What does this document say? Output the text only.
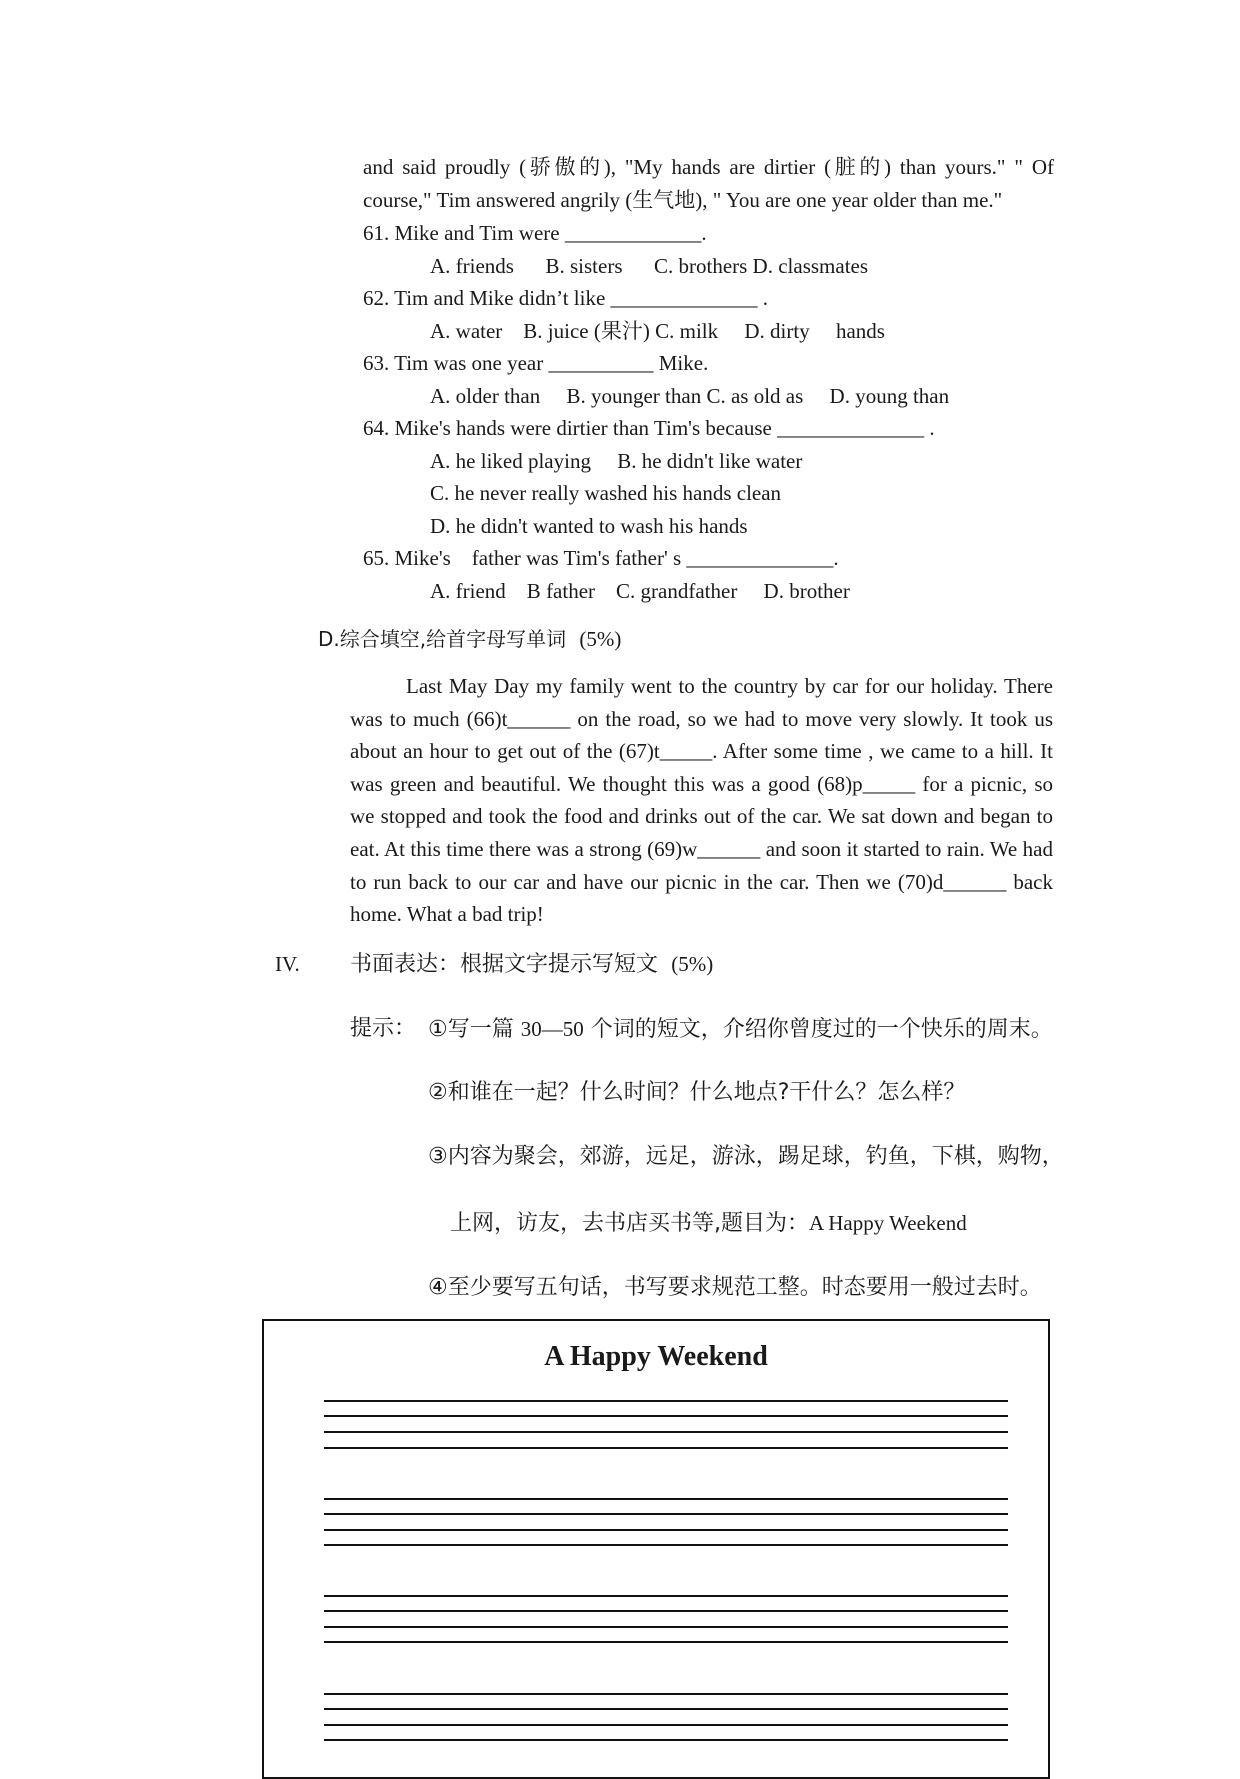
and said proudly (骄傲的), "My hands are dirtier (脏的) than yours." " Of
course," Tim answered angrily (生气地), " You are one year older than me."
61. Mike and Tim were _____________.
A. friends      B. sisters      C. brothers D. classmates
62. Tim and Mike didn’t like ______________ .
A. water    B. juice (果汁) C. milk     D. dirty     hands
63. Tim was one year __________ Mike.
A. older than     B. younger than C. as old as     D. young than
64. Mike's hands were dirtier than Tim's because ______________ .
A. he liked playing     B. he didn't like water
C. he never really washed his hands clean
D. he didn't wanted to wash his hands
65. Mike's    father was Tim's father' s ______________.
A. friend    B father    C. grandfather     D. brother
D.综合填空,给首字母写单词 (5%)

Last May Day my family went to the country by car for our holiday. There was to much (66)t______ on the road, so we had to move very slowly. It took us about an hour to get out of the (67)t_____. After some time , we came to a hill. It was green and beautiful. We thought this was a good (68)p_____ for a picnic, so we stopped and took the food and drinks out of the car. We sat down and began to eat. At this time there was a strong (69)w______ and soon it started to rain. We had to run back to our car and have our picnic in the car. Then we (70)d______ back home. What a bad trip!

IV. 书面表达：根据文字提示写短文 (5%)
提示： ①写一篇 30—50 个词的短文，介绍你曾度过的一个快乐的周末。
②和谁在一起？什么时间？什么地点?干什么？怎么样？
③内容为聚会，郊游，远足，游泳，踢足球，钓鱼，下棋，购物，
上网，访友，去书店买书等,题目为：A Happy Weekend
④至少要写五句话，书写要求规范工整。时态要用一般过去时。
A Happy Weekend
